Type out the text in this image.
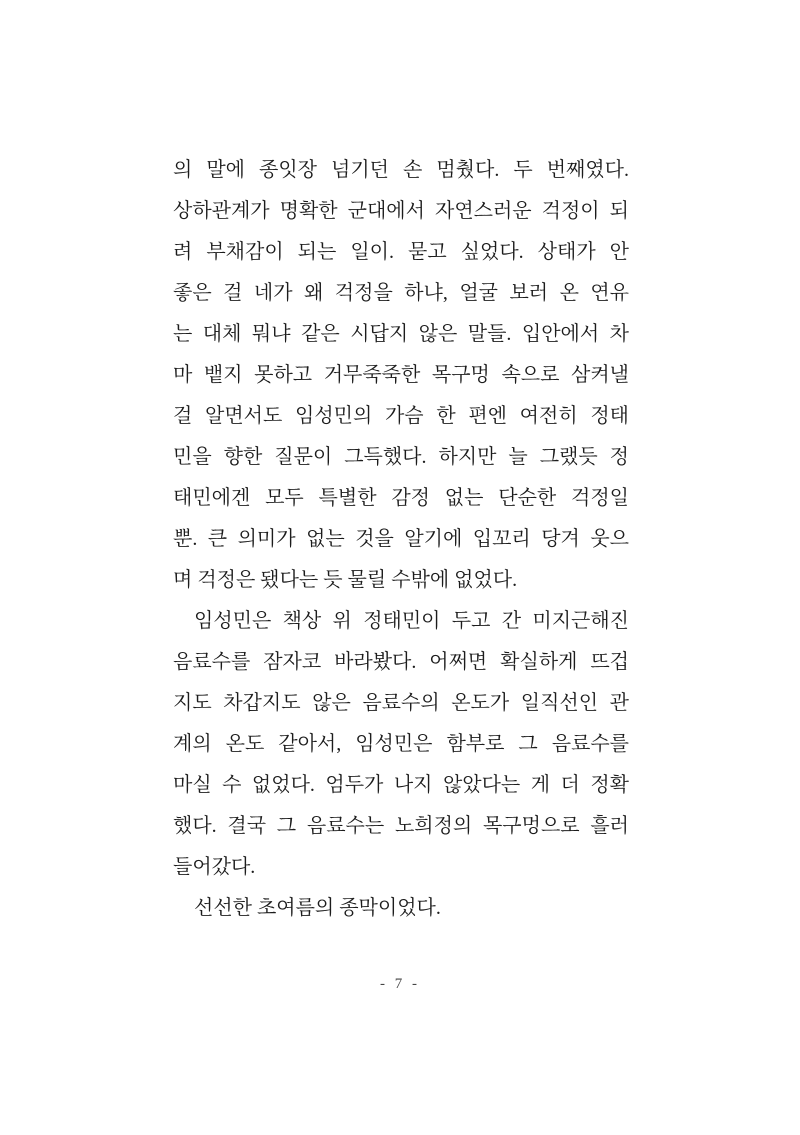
의 말에 종잇장 넘기던 손 멈췄다. 두 번째였다.
상하관계가 명확한 군대에서 자연스러운 걱정이 되
려 부채감이 되는 일이. 묻고 싶었다. 상태가 안
좋은 걸 네가 왜 걱정을 하냐, 얼굴 보러 온 연유
는 대체 뭐냐 같은 시답지 않은 말들. 입안에서 차
마 뱉지 못하고 거무죽죽한 목구멍 속으로 삼켜낼
걸 알면서도 임성민의 가슴 한 편엔 여전히 정태
민을 향한 질문이 그득했다. 하지만 늘 그랬듯 정
태민에겐 모두 특별한 감정 없는 단순한 걱정일
뿐. 큰 의미가 없는 것을 알기에 입꼬리 당겨 웃으
며 걱정은 됐다는 듯 물릴 수밖에 없었다.
임성민은 책상 위 정태민이 두고 간 미지근해진
음료수를 잠자코 바라봤다. 어쩌면 확실하게 뜨겁
지도 차갑지도 않은 음료수의 온도가 일직선인 관
계의 온도 같아서, 임성민은 함부로 그 음료수를
마실 수 없었다. 엄두가 나지 않았다는 게 더 정확
했다. 결국 그 음료수는 노희정의 목구멍으로 흘러
들어갔다.
선선한 초여름의 종막이었다.
- 7 -
